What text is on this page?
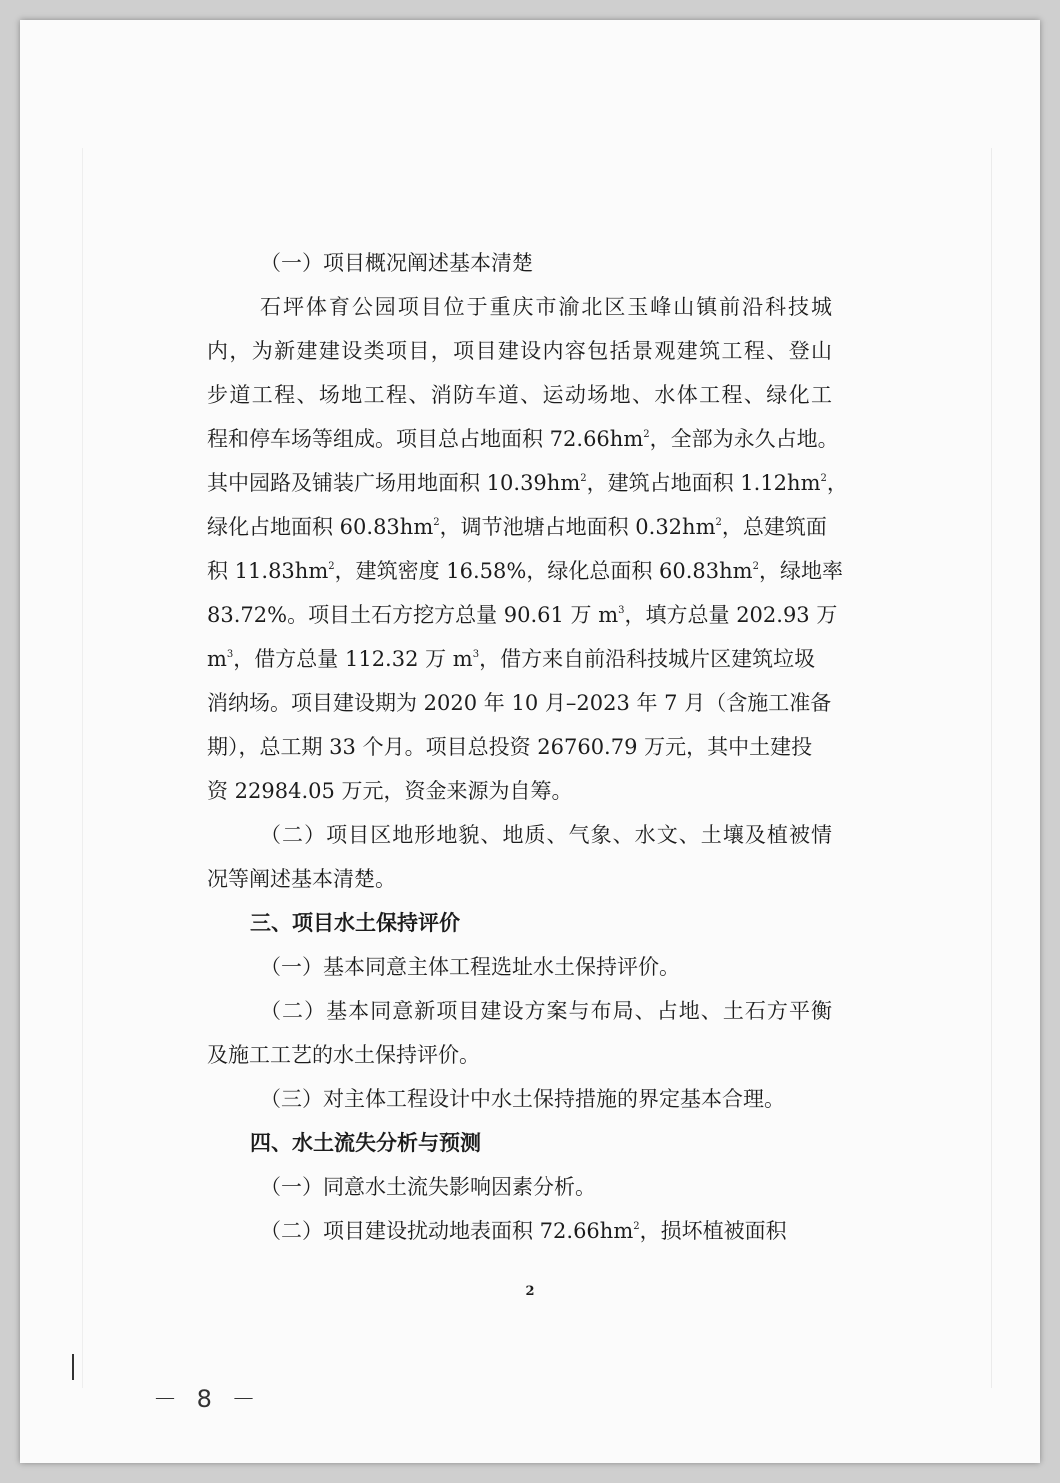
（一）项目概况阐述基本清楚
石坪体育公园项目位于重庆市渝北区玉峰山镇前沿科技城
内，为新建建设类项目，项目建设内容包括景观建筑工程、登山
步道工程、场地工程、消防车道、运动场地、水体工程、绿化工
程和停车场等组成。项目总占地面积 $72.66hm^2$，全部为永久占地。
其中园路及铺装广场用地面积 $10.39hm^2$，建筑占地面积 $1.12hm^2$，
绿化占地面积 $60.83hm^2$，调节池塘占地面积 $0.32hm^2$，总建筑面
积 $11.83hm^2$，建筑密度 16.58%，绿化总面积 $60.83hm^2$，绿地率
83.72%。项目土石方挖方总量 90.61 万 $m^3$，填方总量 202.93 万
$m^3$，借方总量 112.32 万 $m^3$，借方来自前沿科技城片区建筑垃圾
消纳场。项目建设期为 2020 年 10 月–2023 年 7 月（含施工准备
期），总工期 33 个月。项目总投资 26760.79 万元，其中土建投
资 22984.05 万元，资金来源为自筹。
（二）项目区地形地貌、地质、气象、水文、土壤及植被情
况等阐述基本清楚。
三、项目水土保持评价
（一）基本同意主体工程选址水土保持评价。
（二）基本同意新项目建设方案与布局、占地、土石方平衡
及施工工艺的水土保持评价。
（三）对主体工程设计中水土保持措施的界定基本合理。
四、水土流失分析与预测
（一）同意水土流失影响因素分析。
（二）项目建设扰动地表面积 $72.66hm^2$，损坏植被面积
2
－ 8 －
